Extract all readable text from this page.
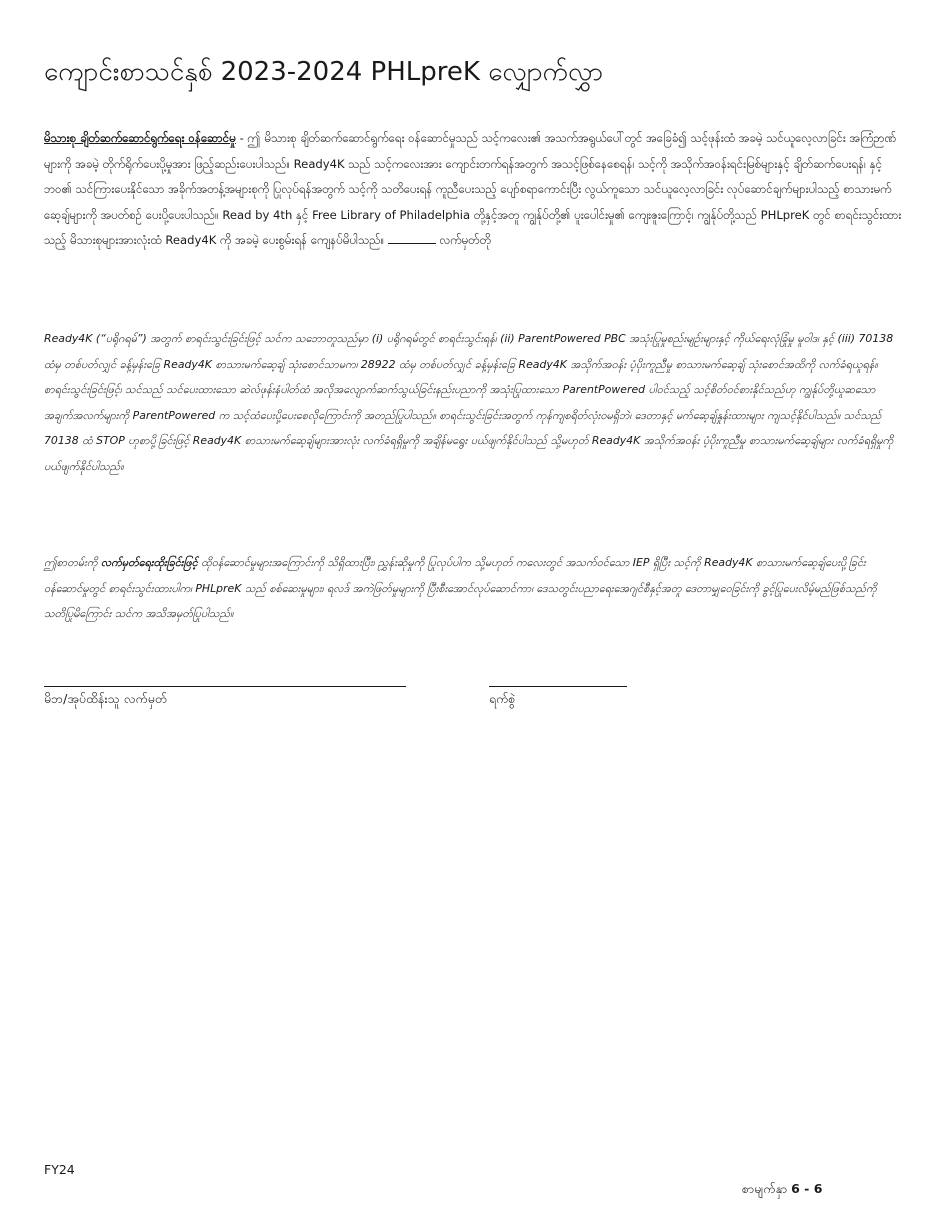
ကျောင်းစာသင်နှစ် 2023-2024 PHLpreK လျှောက်လွှာ

မိသားစု ချိတ်ဆက်ဆောင်ရွက်ရေး ဝန်ဆောင်မှု - ဤ မိသားစု ချိတ်ဆက်ဆောင်ရွက်ရေး ဝန်ဆောင်မှုသည် သင့်ကလေး၏ အသက်အရွယ်ပေါ်တွင် အခြေခံ၍ သင့်ဖုန်းထံ အခမဲ့ သင်ယူလေ့လာခြင်း အကြံဉာဏ်များကို အခမဲ့ တိုက်ရိုက်ပေးပို့မှုအား ဖြည့်ဆည်းပေးပါသည်။ Ready4K သည် သင့်ကလေးအား ကျောင်းတက်ရန်အတွက် အသင့်ဖြစ်နေစေရန်၊ သင့်ကို အသိုက်အဝန်းရင်းမြစ်များနှင့် ချိတ်ဆက်ပေးရန်၊ နှင့် ဘဝ၏ သင်ကြားပေးနိုင်သော အခိုက်အတန့်အများစုကို ပြုလုပ်ရန်အတွက် သင့်ကို သတိပေးရန် ကူညီပေးသည့် ပျော်စရာကောင်းပြီး လွယ်ကူသော သင်ယူလေ့လာခြင်း လုပ်ဆောင်ချက်များပါသည့် စာသားမက်ဆေ့ချ်များကို အပတ်စဉ် ပေးပို့ပေးပါသည်။ Read by 4th နှင့် Free Library of Philadelphia တို့နှင့်အတူ ကျွန်ုပ်တို့၏ ပူးပေါင်းမှု၏ ကျေးဇူးကြောင့်၊ ကျွန်ုပ်တို့သည် PHLpreK တွင် စာရင်းသွင်းထားသည့် မိသားစုများအားလုံးထံ Ready4K ကို အခမဲ့ ပေးစွမ်းရန် ကျေနပ်မိပါသည်။	လက်မှတ်တို

Ready4K (“ပရိုဂရမ်”) အတွက် စာရင်းသွင်းခြင်းဖြင့် သင်က သဘောတူသည်မှာ (i) ပရိုဂရမ်တွင် စာရင်းသွင်းရန်၊ (ii) ParentPowered PBC အသုံးပြုမှုစည်းမျဉ်းများနှင့် ကိုယ်ရေးလုံခြုံမှု မူဝါဒ၊ နှင့် (iii) 70138 ထံမှ တစ်ပတ်လျှင် ခန့်မှန်းခြေ Ready4K စာသားမက်ဆေ့ချ် သုံးစောင်သာမက၊ 28922 ထံမှ တစ်ပတ်လျှင် ခန့်မှန်းခြေ Ready4K အသိုက်အဝန်း ပံ့ပိုးကူညီမှု စာသားမက်ဆေ့ချ် သုံးစောင်အထိကို လက်ခံရယူရန်။ စာရင်းသွင်းခြင်းဖြင့်၊ သင်သည် သင်ပေးထားသော ဆဲလ်ဖုန်းနံပါတ်ထံ အလိုအလျောက်ဆက်သွယ်ခြင်းနည်းပညာကို အသုံးပြုထားသော ParentPowered ပါဝင်သည့် သင့်စိတ်ဝင်စားနိုင်သည်ဟု ကျွန်ုပ်တို့ယူဆသော အချက်အလက်များကို ParentPowered က သင့်ထံပေးပို့ပေးစေလိုကြောင်းကို အတည်ပြုပါသည်။ စာရင်းသွင်းခြင်းအတွက် ကုန်ကျစရိတ်လုံးဝမရှိဘဲ၊ ဒေတာနှင့် မက်ဆေ့ချ်နှုန်းထားများ ကျသင့်နိုင်ပါသည်။ သင်သည် 70138 ထံ STOP ဟုစာပို့ခြင်းဖြင့် Ready4K စာသားမက်ဆေ့ချ်များအားလုံး လက်ခံရရှိမှုကို အချိန်မရွေး ပယ်ဖျက်နိုင်ပါသည် သို့မဟုတ် Ready4K အသိုက်အဝန်း ပံ့ပိုးကူညီမှု စာသားမက်ဆေ့ချ်များ လက်ခံရရှိမှုကို ပယ်ဖျက်နိုင်ပါသည်။

ဤစာတမ်းကို လက်မှတ်ရေးထိုးခြင်းဖြင့် ထိုဝန်ဆောင်မှုများအကြောင်းကို သိရှိထားပြီး၊ ညွှန်းဆိုမှုကို ပြုလုပ်ပါက သို့မဟုတ် ကလေးတွင် အသက်ဝင်သော IEP ရှိပြီး သင့်ကို Ready4K စာသားမက်ဆေ့ချ်ပေးပို့ခြင်း ဝန်ဆောင်မှုတွင် စာရင်းသွင်းထားပါက၊ PHLpreK သည် စစ်ဆေးမှုများ၊ ရလဒ် အကဲဖြတ်မှုများကို ပြီးစီးအောင်လုပ်ဆောင်ကာ၊ ဒေသတွင်းပညာရေးအေဂျင်စီနှင့်အတူ ဒေတာမျှဝေခြင်းကို ခွင့်ပြုပေးလိမ့်မည်ဖြစ်သည်ကို သတိပြုမိကြောင်း သင်က အသိအမှတ်ပြုပါသည်။

မိဘ/အုပ်ထိန်းသူ လက်မှတ်	ရက်စွဲ

FY24

စာမျက်နှာ 6 - 6
